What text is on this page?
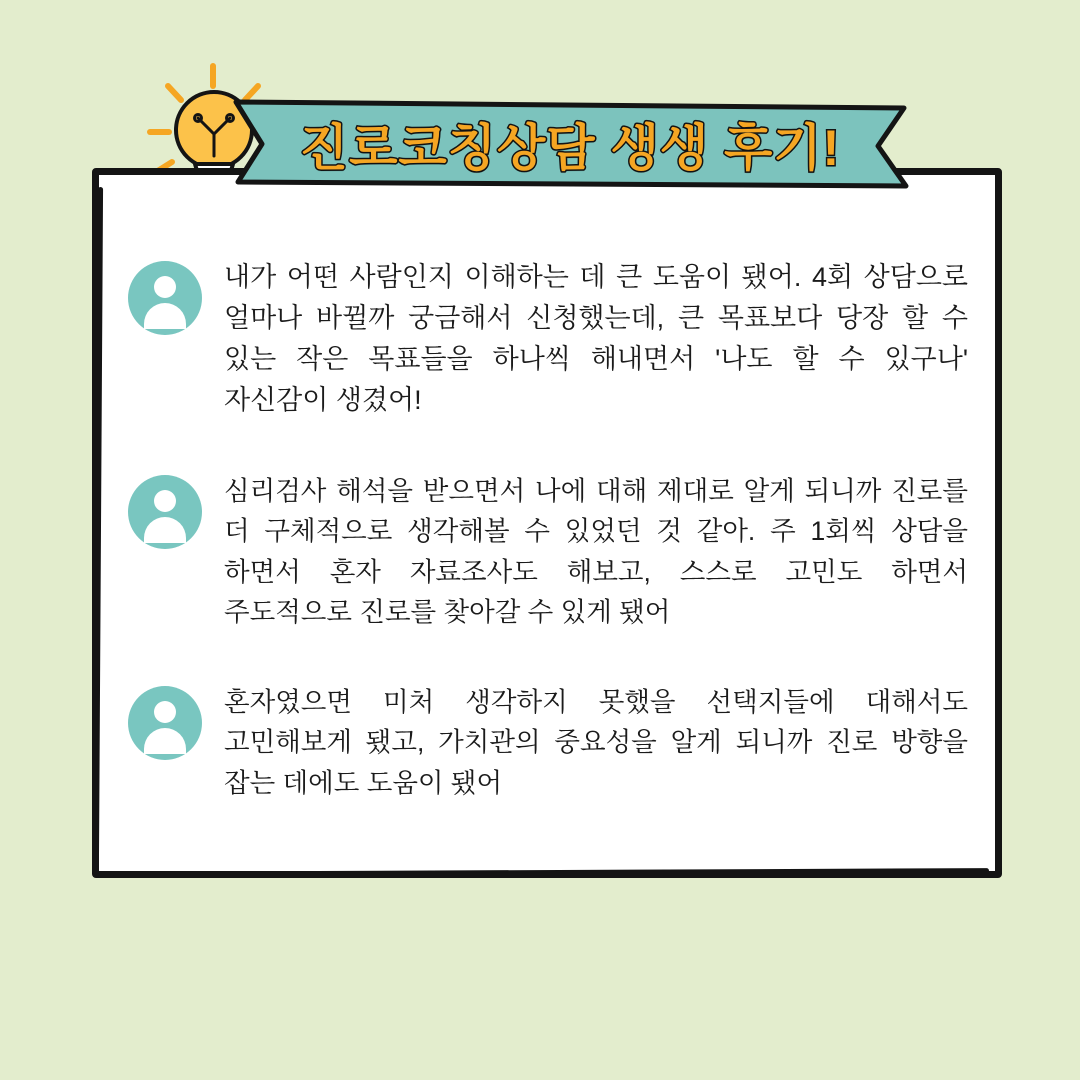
진로코칭상담 생생 후기!
내가 어떤 사람인지 이해하는 데 큰 도움이 됐어. 4회 상담으로 얼마나 바뀔까 궁금해서 신청했는데, 큰 목표보다 당장 할 수 있는 작은 목표들을 하나씩 해내면서 '나도 할 수 있구나' 자신감이 생겼어!
심리검사 해석을 받으면서 나에 대해 제대로 알게 되니까 진로를 더 구체적으로 생각해볼 수 있었던 것 같아. 주 1회씩 상담을 하면서 혼자 자료조사도 해보고, 스스로 고민도 하면서 주도적으로 진로를 찾아갈 수 있게 됐어
혼자였으면 미처 생각하지 못했을 선택지들에 대해서도 고민해보게 됐고, 가치관의 중요성을 알게 되니까 진로 방향을 잡는 데에도 도움이 됐어
